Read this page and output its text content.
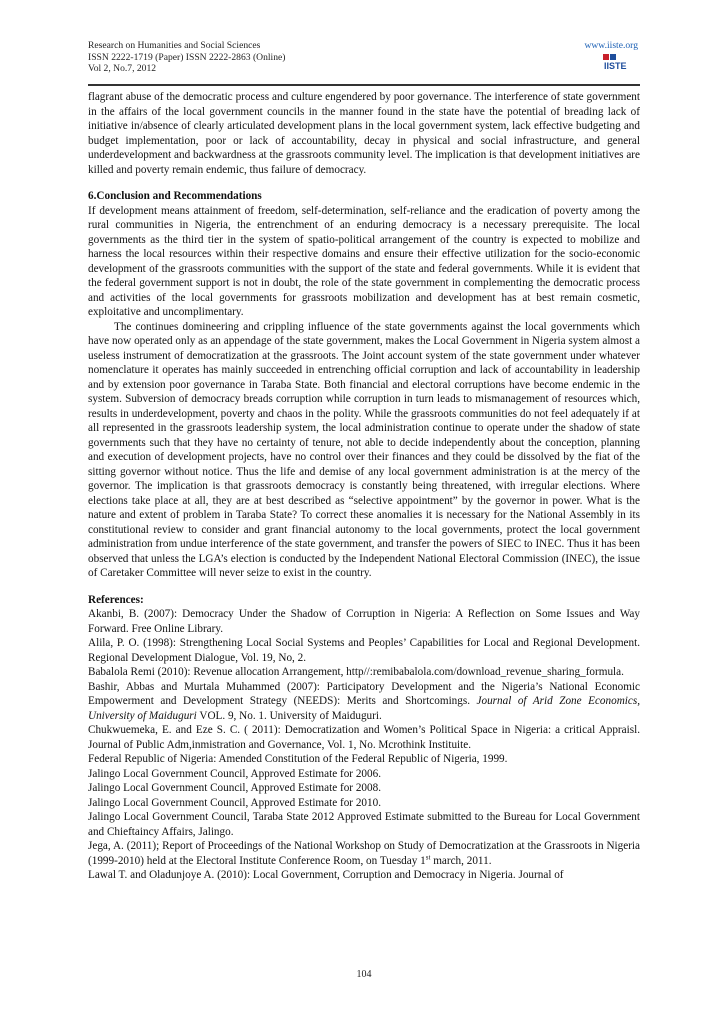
Research on Humanities and Social Sciences
ISSN 2222-1719 (Paper) ISSN 2222-2863 (Online)
Vol 2, No.7, 2012
www.iiste.org
IISTE

flagrant abuse of the democratic process and culture engendered by poor governance. The interference of state government in the affairs of the local government councils in the manner found in the state have the potential of breading lack of initiative in/absence of clearly articulated development plans in the local government system, lack effective budgeting and budget implementation, poor or lack of accountability, decay in physical and social infrastructure, and general underdevelopment and backwardness at the grassroots community level. The implication is that development initiatives are killed and poverty remain endemic, thus failure of democracy.

6.Conclusion and Recommendations

If development means attainment of freedom, self-determination, self-reliance and the eradication of poverty among the rural communities in Nigeria, the entrenchment of an enduring democracy is a necessary prerequisite. The local governments as the third tier in the system of spatio-political arrangement of the country is expected to mobilize and harness the local resources within their respective domains and ensure their effective utilization for the socio-economic development of the grassroots communities with the support of the state and federal governments. While it is evident that the federal government support is not in doubt, the role of the state government in complementing the democratic process and activities of the local governments for grassroots mobilization and development has at best remain cosmetic, exploitative and uncomplimentary.

The continues domineering and crippling influence of the state governments against the local governments which have now operated only as an appendage of the state government, makes the Local Government in Nigeria system almost a useless instrument of democratization at the grassroots. The Joint account system of the state government under whatever nomenclature it operates has mainly succeeded in entrenching official corruption and lack of accountability in leadership and by extension poor governance in Taraba State. Both financial and electoral corruptions have become endemic in the system. Subversion of democracy breads corruption while corruption in turn leads to mismanagement of resources which, results in underdevelopment, poverty and chaos in the polity. While the grassroots communities do not feel adequately if at all represented in the grassroots leadership system, the local administration continue to operate under the shadow of state governments such that they have no certainty of tenure, not able to decide independently about the conception, planning and execution of development projects, have no control over their finances and they could be dissolved by the fiat of the sitting governor without notice. Thus the life and demise of any local government administration is at the mercy of the governor. The implication is that grassroots democracy is constantly being threatened, with irregular elections. Where elections take place at all, they are at best described as “selective appointment” by the governor in power. What is the nature and extent of problem in Taraba State? To correct these anomalies it is necessary for the National Assembly in its constitutional review to consider and grant financial autonomy to the local governments, protect the local government administration from undue interference of the state government, and transfer the powers of SIEC to INEC. Thus it has been observed that unless the LGA’s election is conducted by the Independent National Electoral Commission (INEC), the issue of Caretaker Committee will never seize to exist in the country.

References:

Akanbi, B. (2007): Democracy Under the Shadow of Corruption in Nigeria: A Reflection on Some Issues and Way Forward. Free Online Library.

Alila, P. O. (1998): Strengthening Local Social Systems and Peoples’ Capabilities for Local and Regional Development. Regional Development Dialogue, Vol. 19, No, 2.

Babalola Remi (2010): Revenue allocation Arrangement, http//:remibabalola.com/download_revenue_sharing_formula.

Bashir, Abbas and Murtala Muhammed (2007): Participatory Development and the Nigeria’s National Economic Empowerment and Development Strategy (NEEDS): Merits and Shortcomings. Journal of Arid Zone Economics, University of Maiduguri VOL. 9, No. 1. University of Maiduguri.

Chukwuemeka, E. and Eze S. C. ( 2011): Democratization and Women’s Political Space in Nigeria: a critical Appraisl. Journal of Public Adm,inmistration and Governance, Vol. 1, No. Mcrothink Instituite.

Federal Republic of Nigeria: Amended Constitution of the Federal Republic of Nigeria, 1999.

Jalingo Local Government Council, Approved Estimate for 2006.

Jalingo Local Government Council, Approved Estimate for 2008.

Jalingo Local Government Council, Approved Estimate for 2010.

Jalingo Local Government Council, Taraba State 2012 Approved Estimate submitted to the Bureau for Local Government and Chieftaincy Affairs, Jalingo.

Jega, A. (2011); Report of Proceedings of the National Workshop on Study of Democratization at the Grassroots in Nigeria (1999-2010) held at the Electoral Institute Conference Room, on Tuesday 1st march, 2011.

Lawal T. and Oladunjoye A. (2010): Local Government, Corruption and Democracy in Nigeria. Journal of

104
